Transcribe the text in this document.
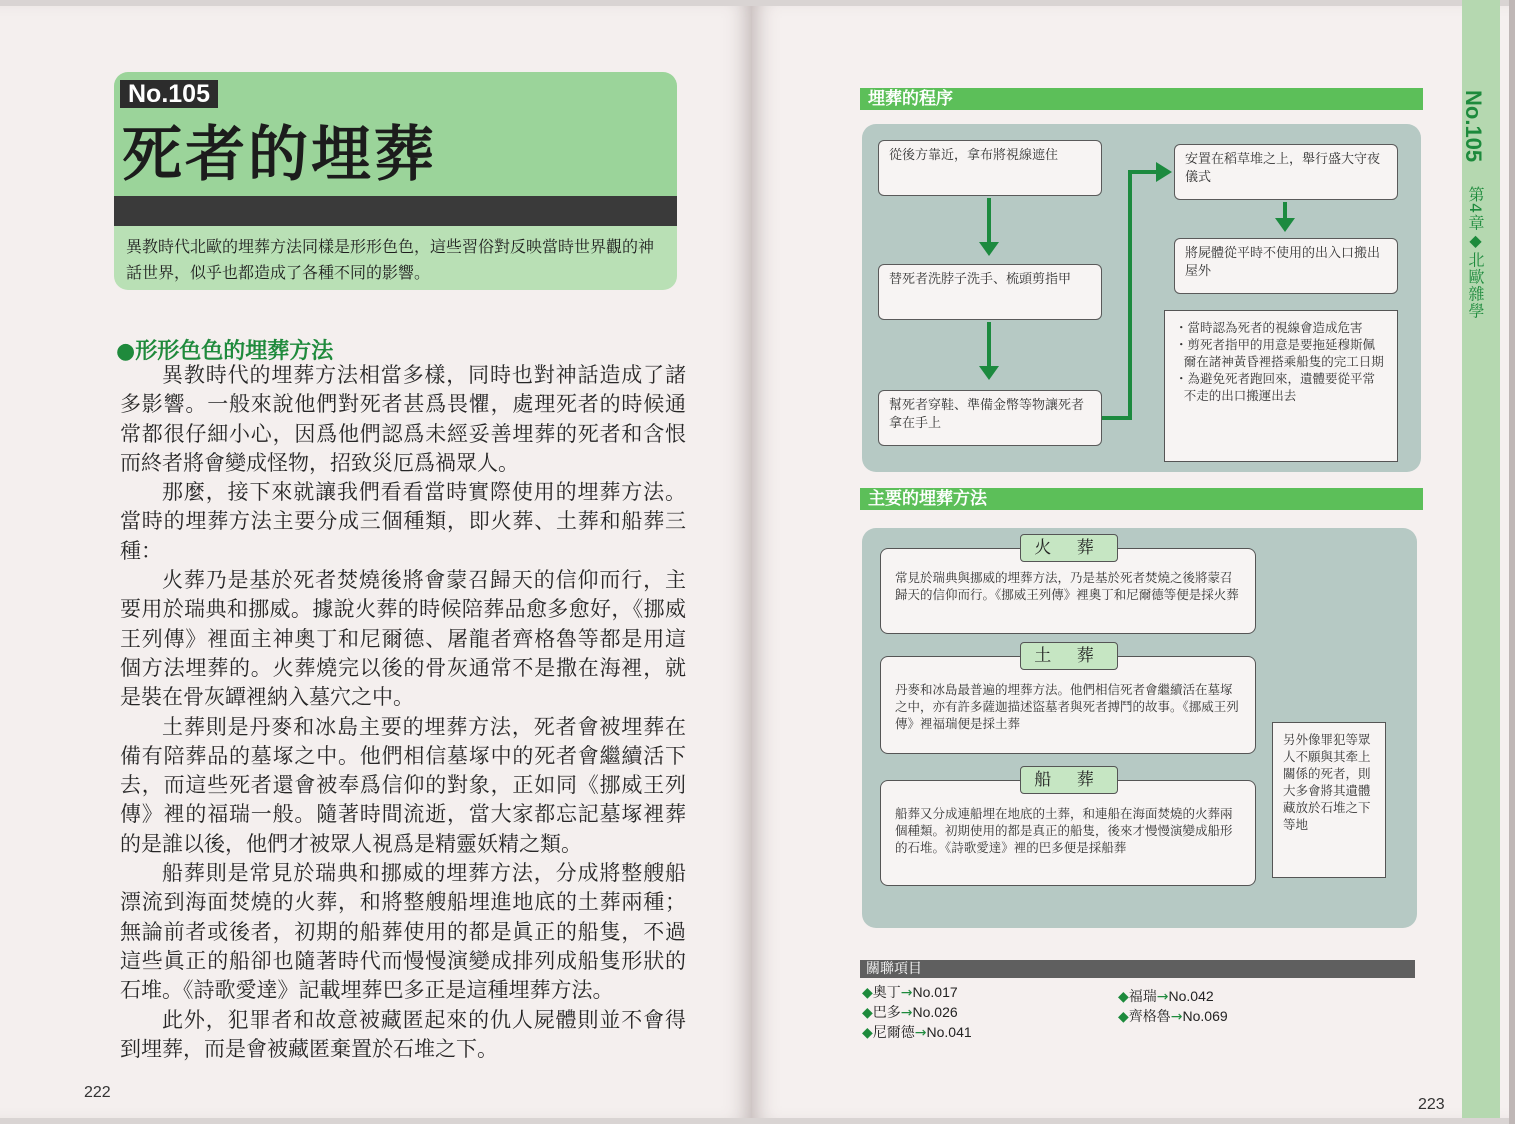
No.105
死者的埋葬
異教時代北歐的埋葬方法同樣是形形色色，這些習俗對反映當時世界觀的神話世界，似乎也都造成了各種不同的影響。
●形形色色的埋葬方法

異教時代的埋葬方法相當多樣，同時也對神話造成了諸多影響。一般來說他們對死者甚爲畏懼，處理死者的時候通常都很仔細小心，因爲他們認爲未經妥善埋葬的死者和含恨而終者將會變成怪物，招致災厄爲禍眾人。

那麼，接下來就讓我們看看當時實際使用的埋葬方法。當時的埋葬方法主要分成三個種類，即火葬、土葬和船葬三種：

火葬乃是基於死者焚燒後將會蒙召歸天的信仰而行，主要用於瑞典和挪威。據說火葬的時候陪葬品愈多愈好，《挪威王列傳》裡面主神奧丁和尼爾德、屠龍者齊格魯等都是用這個方法埋葬的。火葬燒完以後的骨灰通常不是撒在海裡，就是裝在骨灰罈裡納入墓穴之中。

土葬則是丹麥和冰島主要的埋葬方法，死者會被埋葬在備有陪葬品的墓塚之中。他們相信墓塚中的死者會繼續活下去，而這些死者還會被奉爲信仰的對象，正如同《挪威王列傳》裡的福瑞一般。隨著時間流逝，當大家都忘記墓塚裡葬的是誰以後，他們才被眾人視爲是精靈妖精之類。

船葬則是常見於瑞典和挪威的埋葬方法，分成將整艘船漂流到海面焚燒的火葬，和將整艘船埋進地底的土葬兩種；無論前者或後者，初期的船葬使用的都是眞正的船隻，不過這些眞正的船卻也隨著時代而慢慢演變成排列成船隻形狀的石堆。《詩歌愛達》記載埋葬巴多正是這種埋葬方法。

此外，犯罪者和故意被藏匿起來的仇人屍體則並不會得到埋葬，而是會被藏匿棄置於石堆之下。

222
No.105
第4章◆北歐雜學
埋葬的程序
從後方靠近，拿布將視線遮住
替死者洗脖子洗手、梳頭剪指甲
幫死者穿鞋、準備金幣等物讓死者拿在手上
安置在稻草堆之上，舉行盛大守夜儀式
將屍體從平時不使用的出入口搬出屋外
・當時認為死者的視線會造成危害
・剪死者指甲的用意是要拖延穆斯佩爾在諸神黃昏裡搭乘船隻的完工日期
・為避免死者跑回來，遺體要從平常不走的出口搬運出去
主要的埋葬方法
常見於瑞典與挪威的埋葬方法，乃是基於死者焚燒之後將蒙召歸天的信仰而行。《挪威王列傳》裡奧丁和尼爾德等便是採火葬
火 葬
丹麥和冰島最普遍的埋葬方法。他們相信死者會繼續活在墓塚之中，亦有許多薩迦描述盜墓者與死者搏鬥的故事。《挪威王列傳》裡福瑞便是採土葬
土 葬
船葬又分成連船埋在地底的土葬，和連船在海面焚燒的火葬兩個種類。初期使用的都是真正的船隻，後來才慢慢演變成船形的石堆。《詩歌愛達》裡的巴多便是採船葬
船 葬
另外像罪犯等眾人不願與其牽上關係的死者，則大多會將其遺體藏放於石堆之下等地
關聯項目
◆奧丁→No.017
◆巴多→No.026
◆尼爾德→No.041
◆福瑞→No.042
◆齊格魯→No.069
223
